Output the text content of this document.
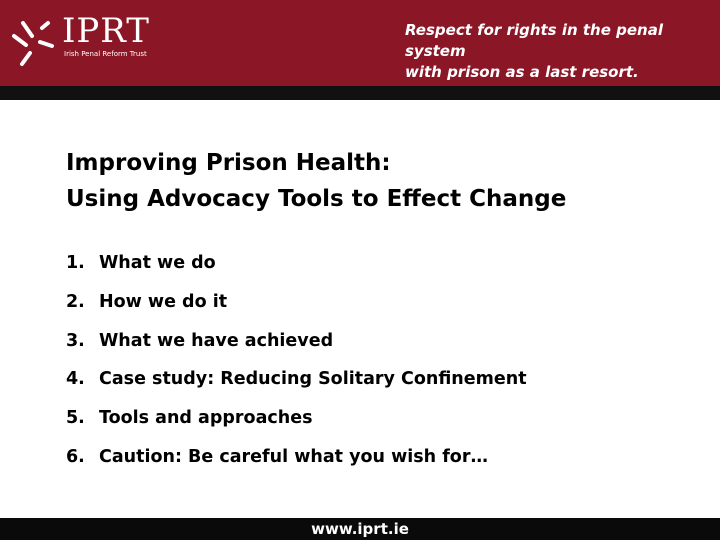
IPRT
Irish Penal Reform Trust
Respect for rights in the penal system
with prison as a last resort.
Improving Prison Health:
Using Advocacy Tools to Effect Change
1. What we do
2. How we do it
3. What we have achieved
4. Case study: Reducing Solitary Confinement
5. Tools and approaches
6. Caution: Be careful what you wish for…
www.iprt.ie
